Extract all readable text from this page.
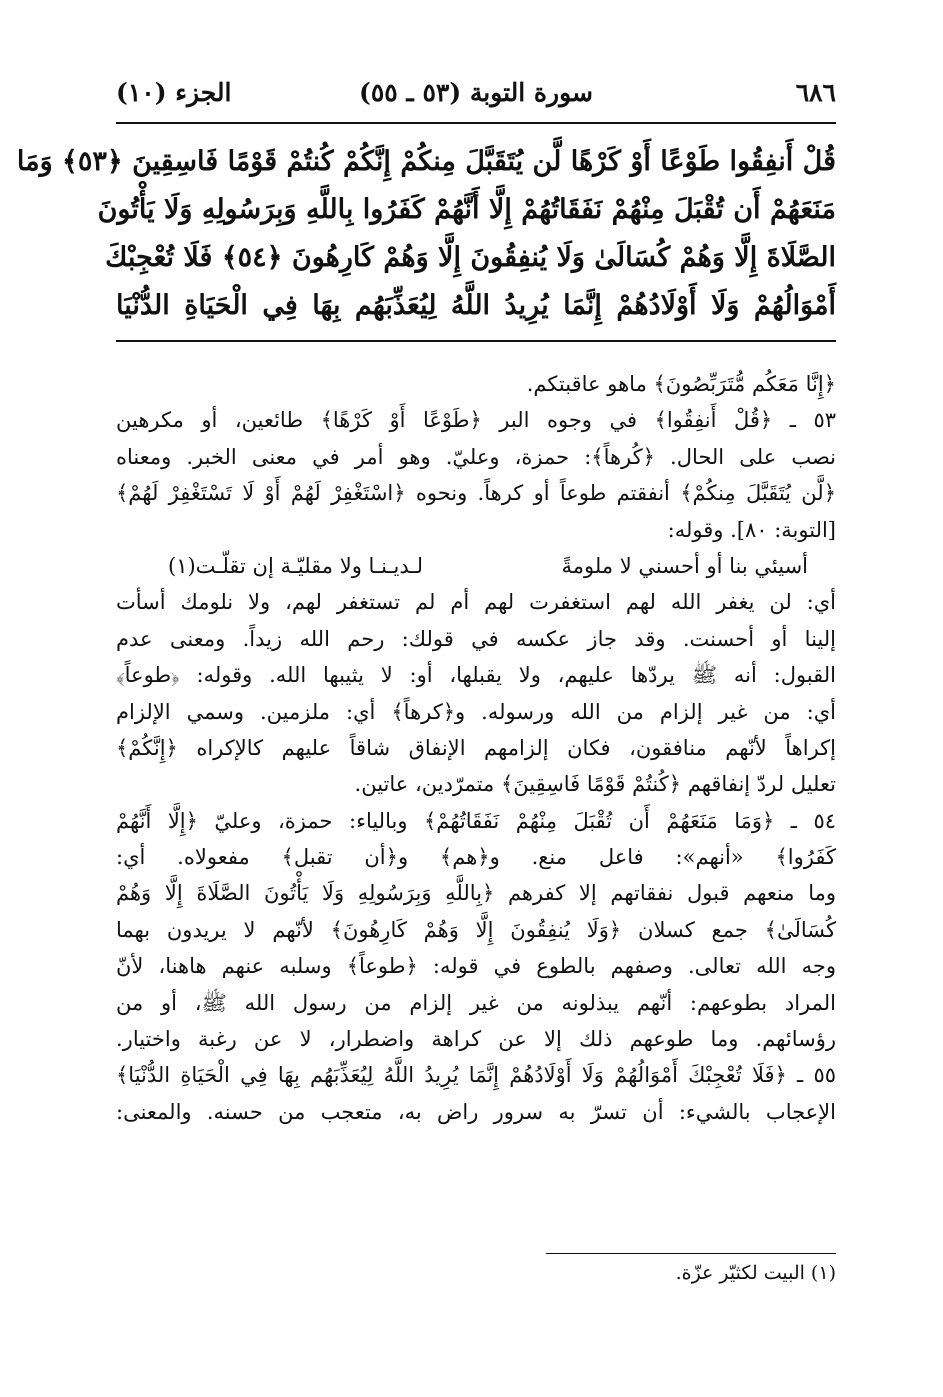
٦٨٦
سورة التوبة (٥٣ ـ ٥٥)
الجزء (١٠)
قُلْ أَنفِقُوا طَوْعًا أَوْ كَرْهًا لَّن يُتَقَبَّلَ مِنكُمْ إِنَّكُمْ كُنتُمْ قَوْمًا فَاسِقِينَ ﴿٥٣﴾ وَمَا
مَنَعَهُمْ أَن تُقْبَلَ مِنْهُمْ نَفَقَاتُهُمْ إِلَّا أَنَّهُمْ كَفَرُوا بِاللَّهِ وَبِرَسُولِهِ وَلَا يَأْتُونَ
الصَّلَاةَ إِلَّا وَهُمْ كُسَالَىٰ وَلَا يُنفِقُونَ إِلَّا وَهُمْ كَارِهُونَ ﴿٥٤﴾ فَلَا تُعْجِبْكَ
أَمْوَالُهُمْ وَلَا أَوْلَادُهُمْ إِنَّمَا يُرِيدُ اللَّهُ لِيُعَذِّبَهُم بِهَا فِي الْحَيَاةِ الدُّنْيَا
﴿إِنَّا مَعَكُم مُّتَرَبِّصُونَ﴾ ماهو عاقبتكم.
٥٣ ـ ﴿قُلْ أَنفِقُوا﴾ في وجوه البر ﴿طَوْعًا أَوْ كَرْهًا﴾ طائعين، أو مكرهين
نصب على الحال. ﴿كُرهاً﴾: حمزة، وعليّ. وهو أمر في معنى الخبر. ومعناه
﴿لَّن يُتَقَبَّلَ مِنكُمْ﴾ أنفقتم طوعاً أو كرهاً. ونحوه ﴿اسْتَغْفِرْ لَهُمْ أَوْ لَا تَسْتَغْفِرْ لَهُمْ﴾
[التوبة: ٨٠]. وقوله:
أسيئي بنا أو أحسني لا ملومةً
لـديـنـا ولا مقليّـة إن تقلّـت(١)
أي: لن يغفر الله لهم استغفرت لهم أم لم تستغفر لهم، ولا نلومك أسأت
إلينا أو أحسنت. وقد جاز عكسه في قولك: رحم الله زيداً. ومعنى عدم
القبول: أنه ﷺ يردّها عليهم، ولا يقبلها، أو: لا يثيبها الله. وقوله: ﴿طوعاً﴾
أي: من غير إلزام من الله ورسوله. و﴿كرهاً﴾ أي: ملزمين. وسمي الإلزام
إكراهاً لأنّهم منافقون، فكان إلزامهم الإنفاق شاقاً عليهم كالإكراه ﴿إِنَّكُمْ﴾
تعليل لردّ إنفاقهم ﴿كُنتُمْ قَوْمًا فَاسِقِينَ﴾ متمرّدين، عاتين.
٥٤ ـ ﴿وَمَا مَنَعَهُمْ أَن تُقْبَلَ مِنْهُمْ نَفَقَاتُهُمْ﴾ وبالياء: حمزة، وعليّ ﴿إِلَّا أَنَّهُمْ
كَفَرُوا﴾ «أنهم»: فاعل منع. و﴿هم﴾ و﴿أن تقبل﴾ مفعولاه. أي:
وما منعهم قبول نفقاتهم إلا كفرهم ﴿بِاللَّهِ وَبِرَسُولِهِ وَلَا يَأْتُونَ الصَّلَاةَ إِلَّا وَهُمْ
كُسَالَىٰ﴾ جمع كسلان ﴿وَلَا يُنفِقُونَ إِلَّا وَهُمْ كَارِهُونَ﴾ لأنّهم لا يريدون بهما
وجه الله تعالى. وصفهم بالطوع في قوله: ﴿طوعاً﴾ وسلبه عنهم هاهنا، لأنّ
المراد بطوعهم: أنّهم يبذلونه من غير إلزام من رسول الله ﷺ، أو من
رؤسائهم. وما طوعهم ذلك إلا عن كراهة واضطرار، لا عن رغبة واختيار.
٥٥ ـ ﴿فَلَا تُعْجِبْكَ أَمْوَالُهُمْ وَلَا أَوْلَادُهُمْ إِنَّمَا يُرِيدُ اللَّهُ لِيُعَذِّبَهُم بِهَا فِي الْحَيَاةِ الدُّنْيَا﴾
الإعجاب بالشيء: أن تسرّ به سرور راض به، متعجب من حسنه. والمعنى:
(١) البيت لكثيّر عزّة.
